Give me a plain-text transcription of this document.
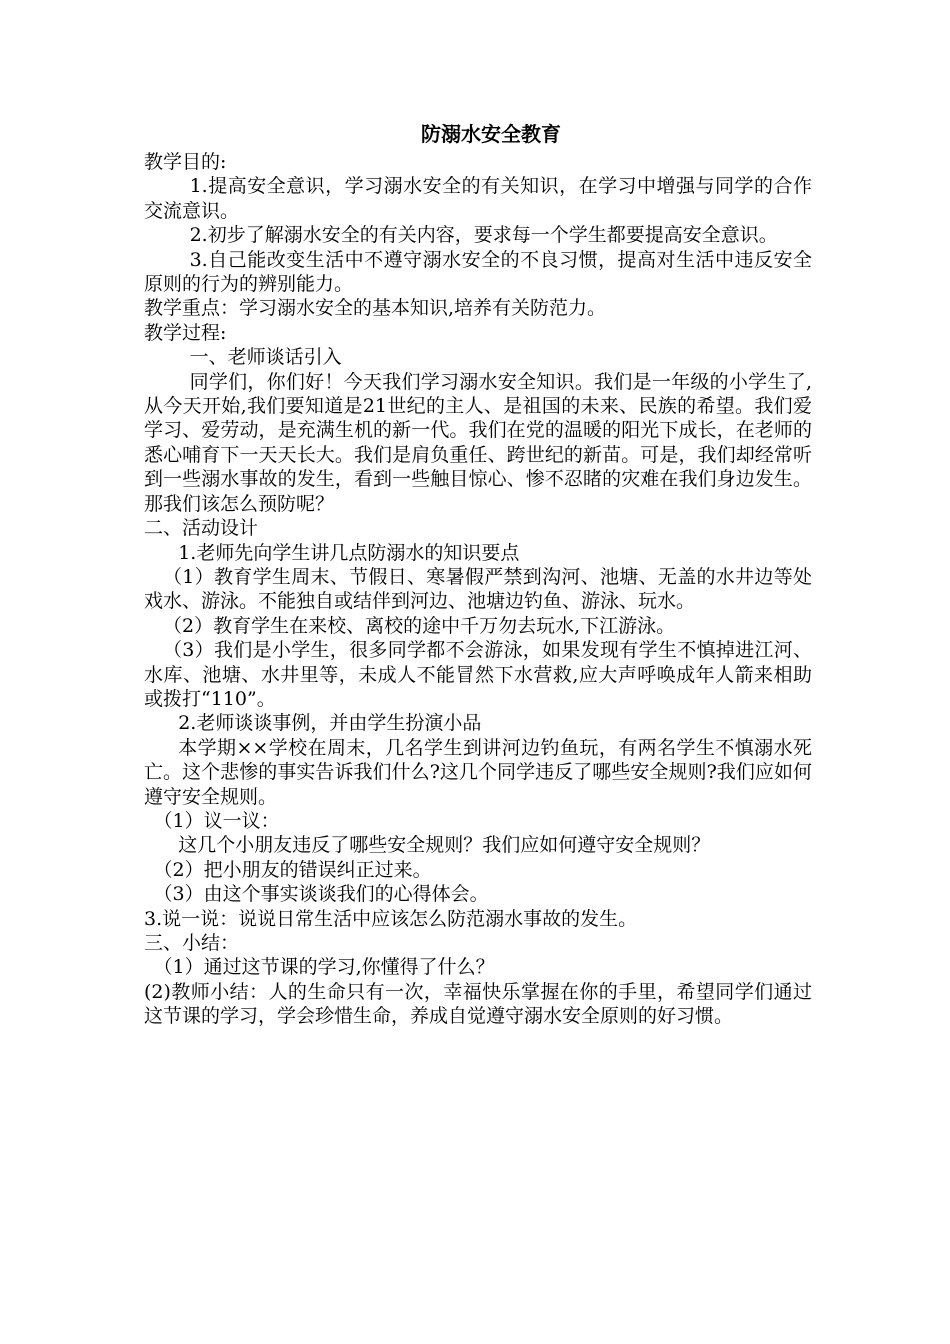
防溺水安全教育

教学目的:

1.提高安全意识，学习溺水安全的有关知识，在学习中增强与同学的合作交流意识。

2.初步了解溺水安全的有关内容，要求每一个学生都要提高安全意识。

3.自己能改变生活中不遵守溺水安全的不良习惯，提高对生活中违反安全原则的行为的辨别能力。

教学重点：学习溺水安全的基本知识,培养有关防范力。

教学过程:

一、老师谈话引入

同学们，你们好！今天我们学习溺水安全知识。我们是一年级的小学生了,从今天开始,我们要知道是21世纪的主人、是祖国的未来、民族的希望。我们爱学习、爱劳动，是充满生机的新一代。我们在党的温暖的阳光下成长，在老师的悉心哺育下一天天长大。我们是肩负重任、跨世纪的新苗。可是，我们却经常听到一些溺水事故的发生，看到一些触目惊心、惨不忍睹的灾难在我们身边发生。那我们该怎么预防呢？

二、活动设计

1.老师先向学生讲几点防溺水的知识要点

（1）教育学生周末、节假日、寒暑假严禁到沟河、池塘、无盖的水井边等处戏水、游泳。不能独自或结伴到河边、池塘边钓鱼、游泳、玩水。

（2）教育学生在来校、离校的途中千万勿去玩水,下江游泳。

（3）我们是小学生，很多同学都不会游泳，如果发现有学生不慎掉进江河、水库、池塘、水井里等，未成人不能冒然下水营救,应大声呼唤成年人箭来相助或拨打“110”。

2.老师谈谈事例，并由学生扮演小品

本学期××学校在周末，几名学生到讲河边钓鱼玩，有两名学生不慎溺水死亡。这个悲惨的事实告诉我们什么?这几个同学违反了哪些安全规则?我们应如何遵守安全规则。

（1）议一议：

这几个小朋友违反了哪些安全规则？我们应如何遵守安全规则？

（2）把小朋友的错误纠正过来。

（3）由这个事实谈谈我们的心得体会。

3.说一说：说说日常生活中应该怎么防范溺水事故的发生。

三、小结：

（1）通过这节课的学习,你懂得了什么？

(2)教师小结：人的生命只有一次，幸福快乐掌握在你的手里，希望同学们通过这节课的学习，学会珍惜生命，养成自觉遵守溺水安全原则的好习惯。
